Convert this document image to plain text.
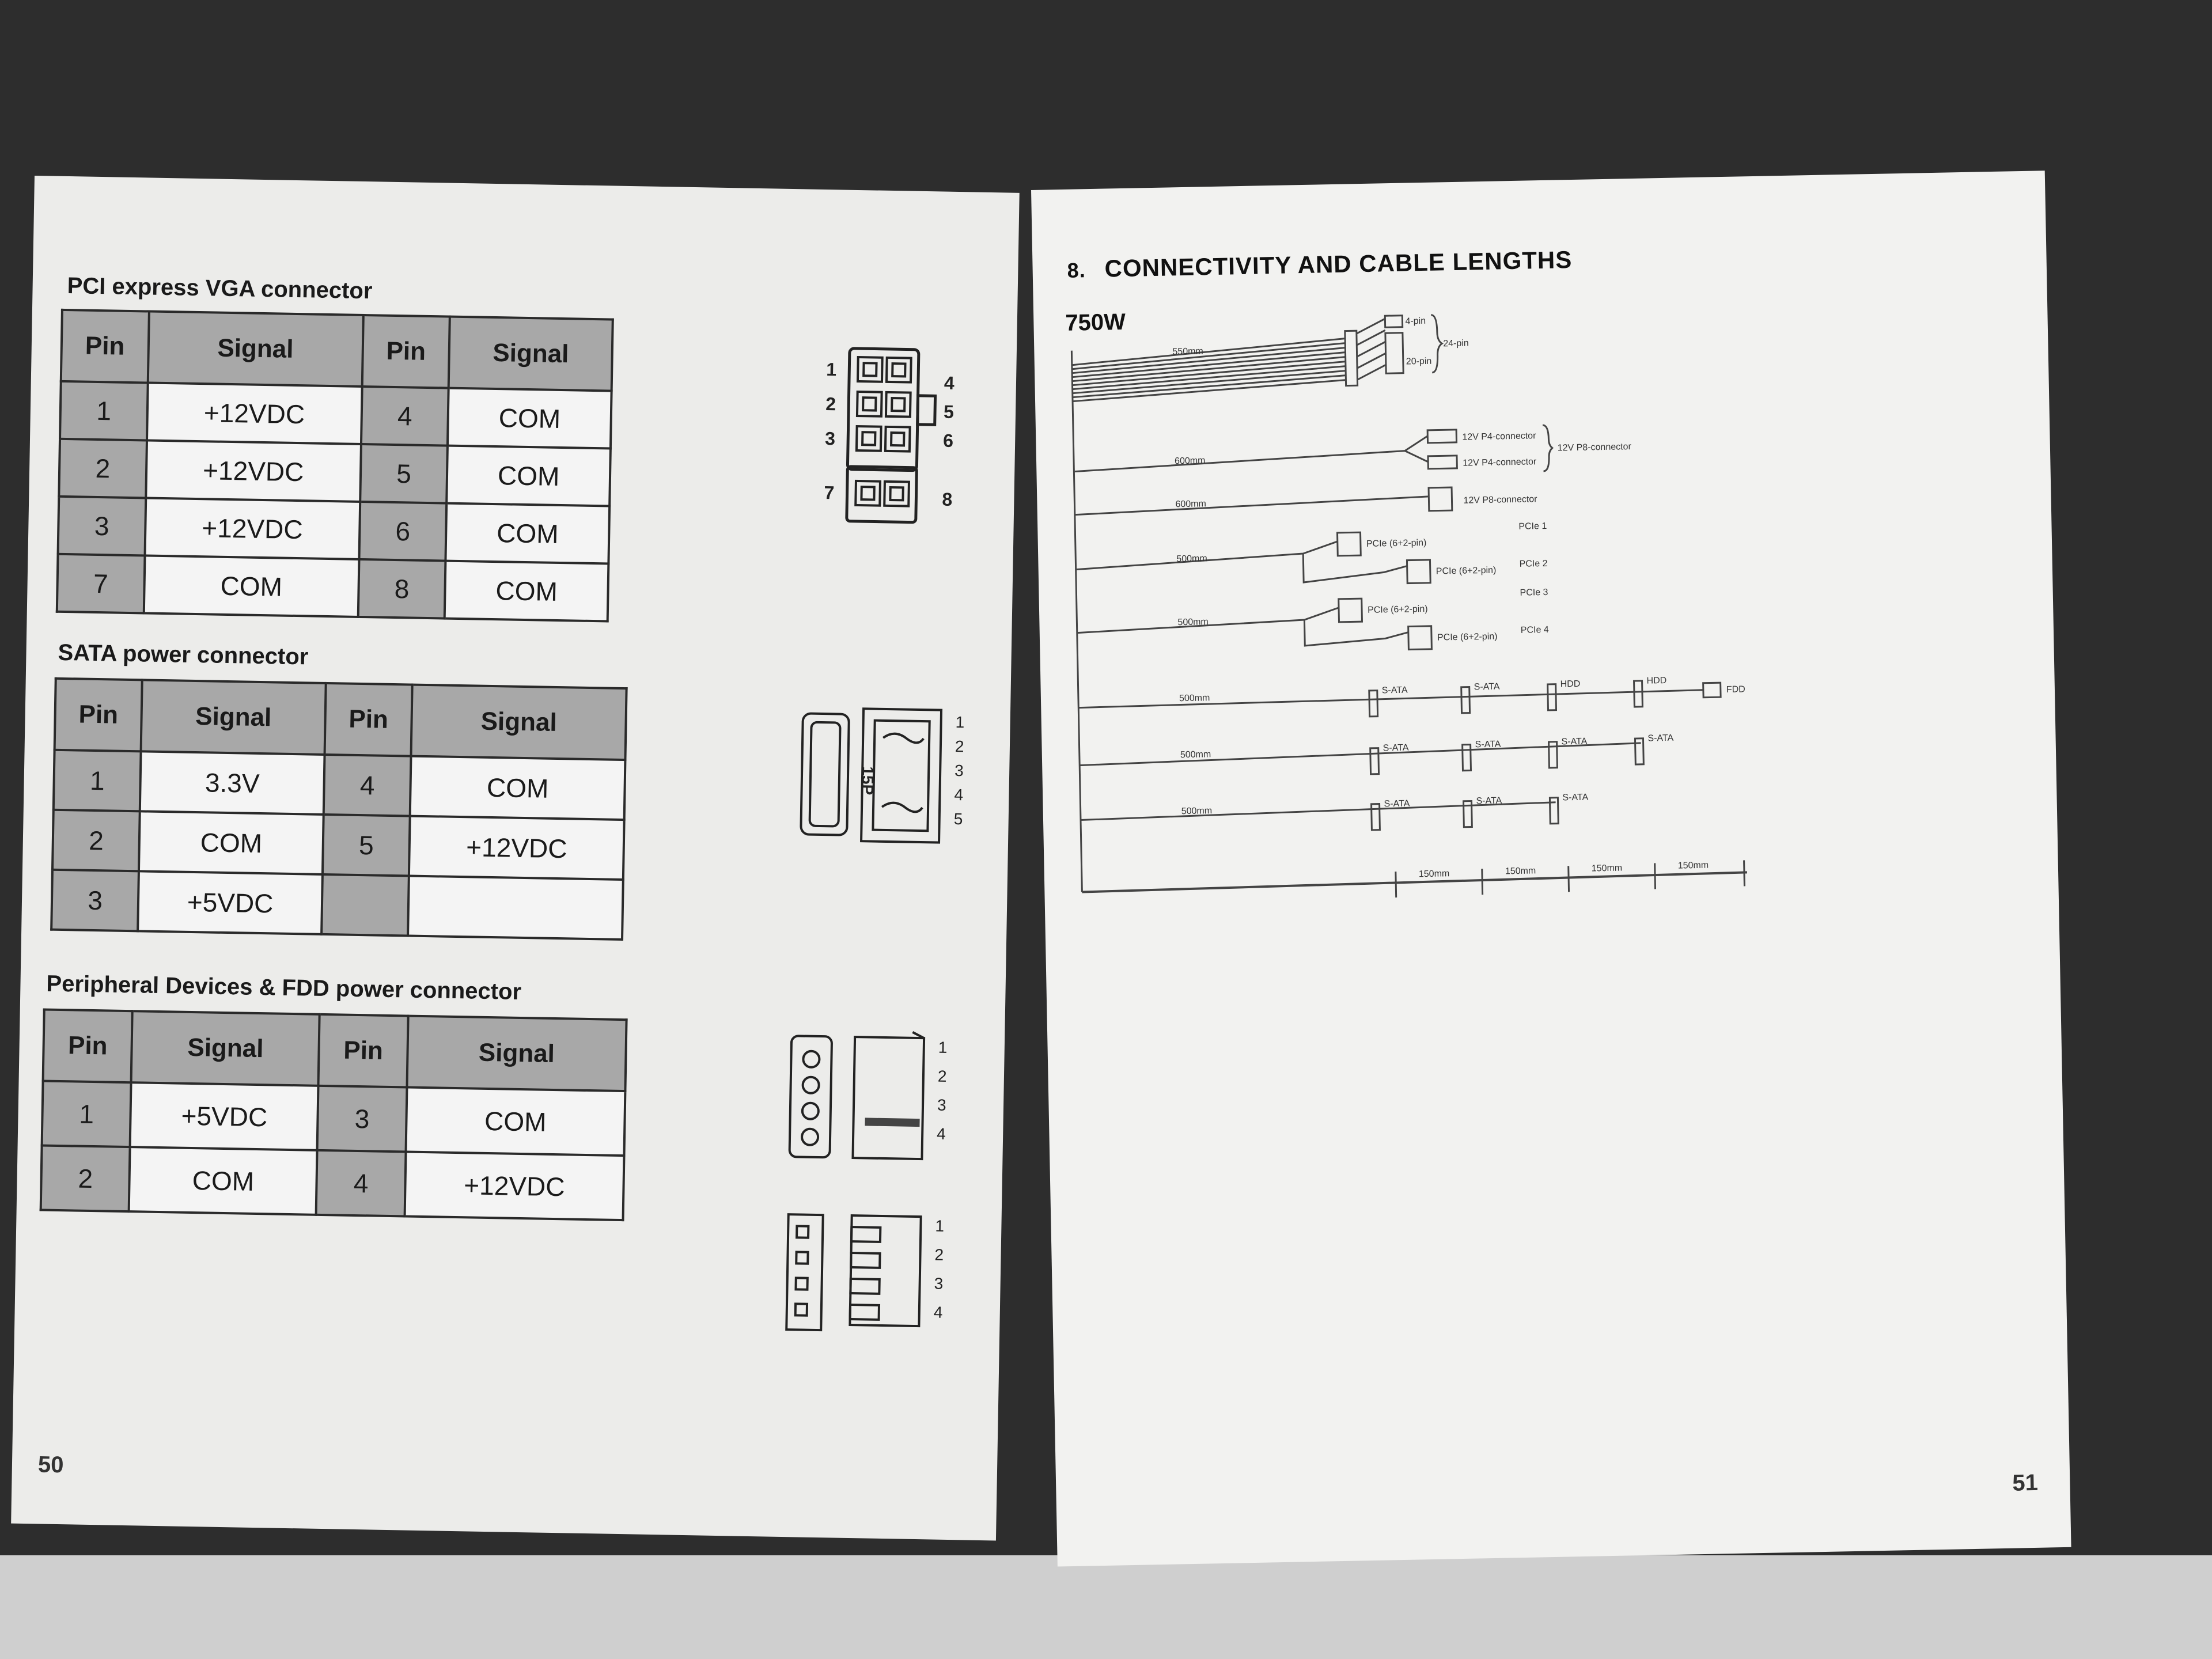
PCI express VGA connector
Pin	Signal	Pin	Signal
1	+12VDC	4	COM
2	+12VDC	5	COM
3	+12VDC	6	COM
7	COM	8	COM
SATA power connector
Pin	Signal	Pin	Signal
1	3.3V	4	COM
2	COM	5	+12VDC
3	+5VDC		
Peripheral Devices & FDD power connector
Pin	Signal	Pin	Signal
1	+5VDC	3	COM
2	COM	4	+12VDC
1
2
3
7
4
5
6
8
15P
1
2
3
4
5
1
2
3
4
1
2
3
4
50
8. CONNECTIVITY AND CABLE LENGTHS
750W
550mm
4-pin
20-pin
24-pin
600mm
12V P4-connector
12V P4-connector
12V P8-connector
600mm	12V P8-connector
500mm
PCIe (6+2-pin)
PCIe (6+2-pin)
PCIe 1
PCIe 2
500mm
PCIe (6+2-pin)
PCIe (6+2-pin)
PCIe 3
PCIe 4
500mm
S-ATA	S-ATA	HDD	HDD
FDD
500mm
S-ATA	S-ATA	S-ATA	S-ATA
500mm
S-ATA	S-ATA	S-ATA
150mm	150mm	150mm	150mm
51
